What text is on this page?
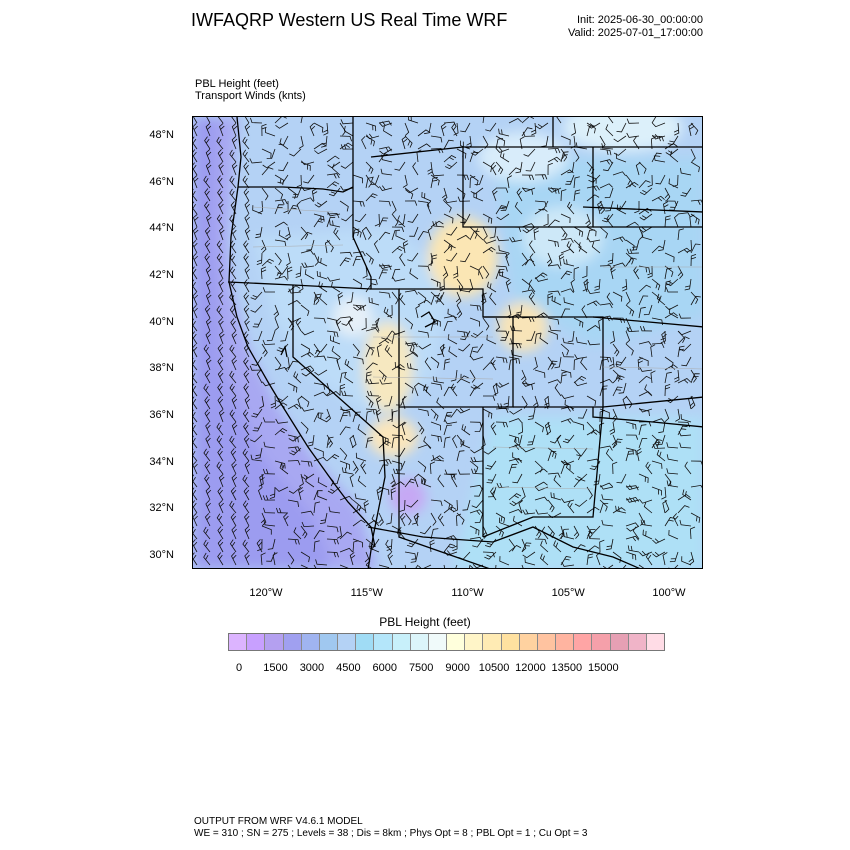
IWFAQRP Western US Real Time WRF	Init: 2025-06-30_00:00:00
Valid: 2025-07-01_17:00:00
PBL Height (feet)
Transport Winds (knts)
48°N
46°N
44°N
42°N
40°N
38°N
36°N
34°N
32°N
30°N
120°W	115°W	110°W	105°W	100°W
PBL Height (feet)
0	1500	3000	4500	6000	7500	9000 10500 12000 13500 15000
OUTPUT FROM WRF V4.6.1 MODEL
WE = 310 ; SN = 275 ; Levels = 38 ; Dis = 8km ; Phys Opt = 8 ; PBL Opt = 1 ; Cu Opt = 3
